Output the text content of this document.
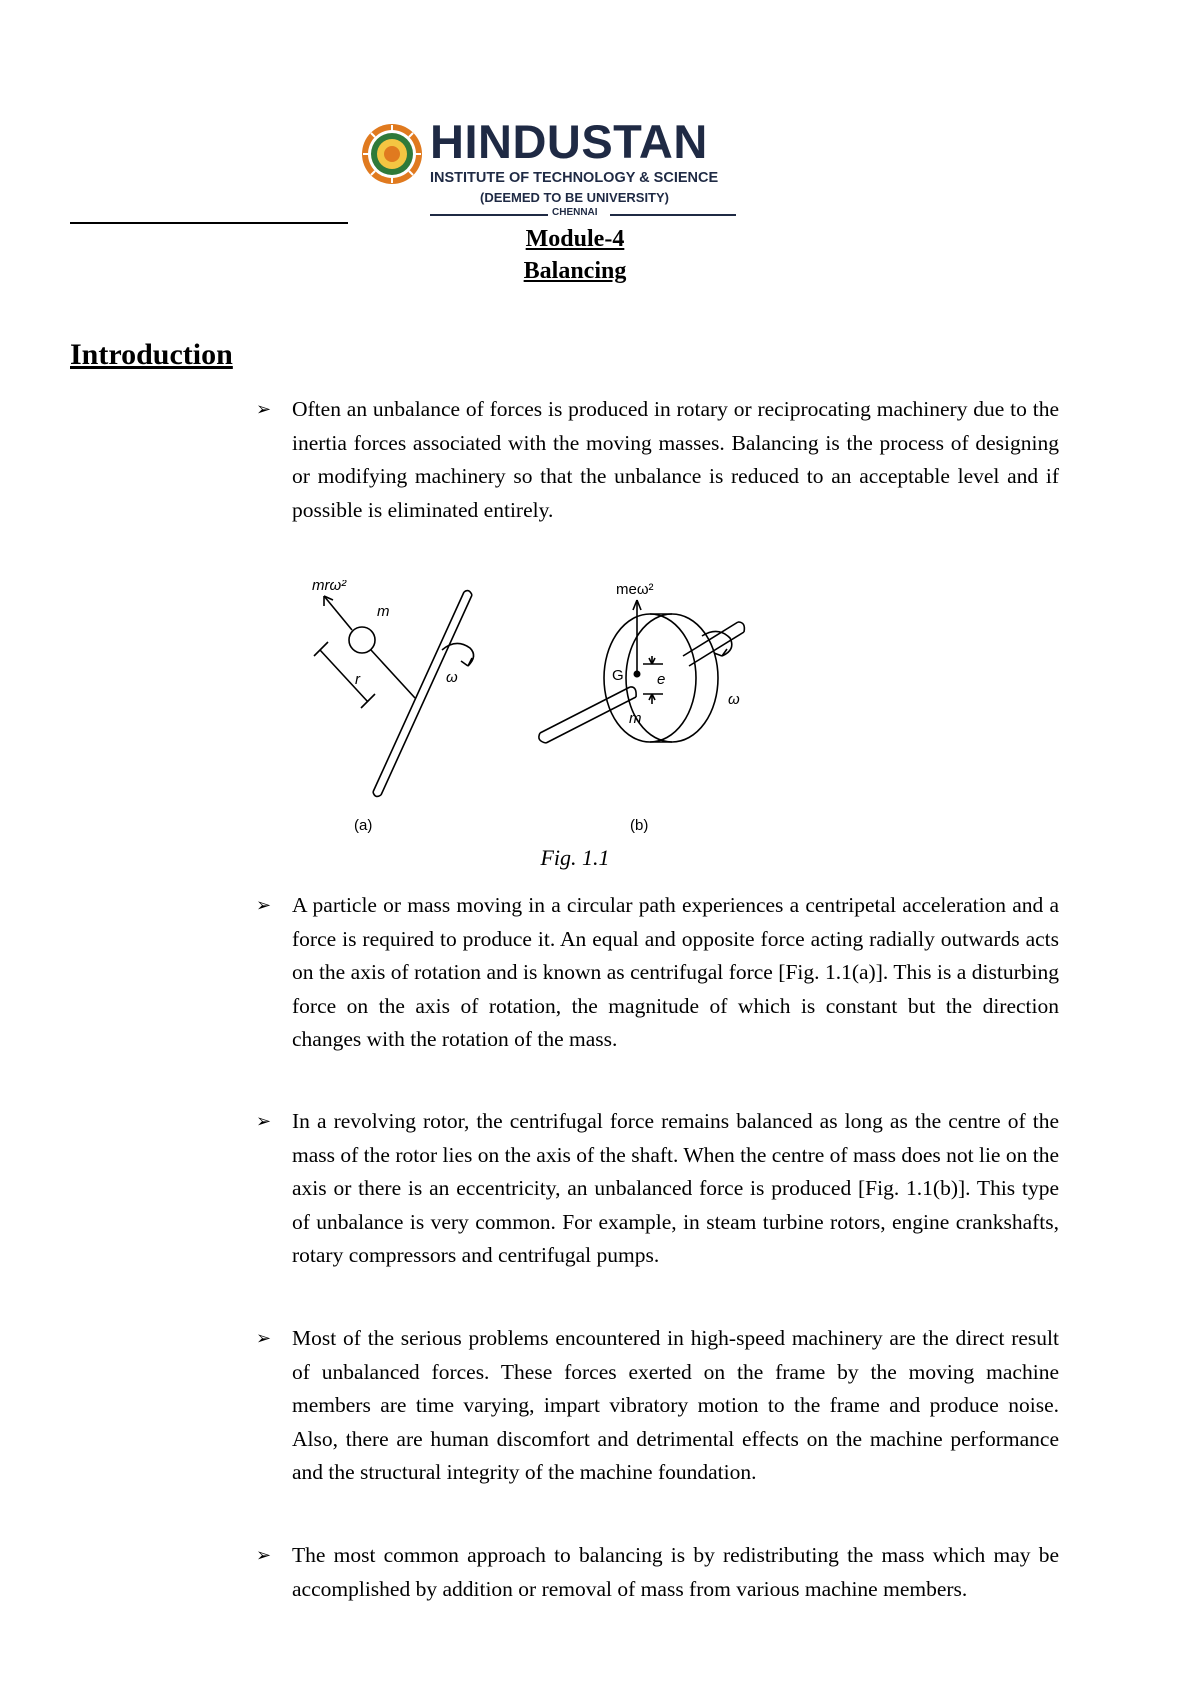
HINDUSTAN
INSTITUTE OF TECHNOLOGY & SCIENCE
(DEEMED TO BE UNIVERSITY)
CHENNAI
Module-4
Balancing
Introduction
➢ Often an unbalance of forces is produced in rotary or reciprocating machinery due to the inertia forces associated with the moving masses. Balancing is the process of designing or modifying machinery so that the unbalance is reduced to an acceptable level and if possible is eliminated entirely.
mrω²
m
r	ω
(a)
meω²
G e
m
ω
(b)
Fig. 1.1
➢ A particle or mass moving in a circular path experiences a centripetal acceleration and a force is required to produce it. An equal and opposite force acting radially outwards acts on the axis of rotation and is known as centrifugal force [Fig. 1.1(a)]. This is a disturbing force on the axis of rotation, the magnitude of which is constant but the direction changes with the rotation of the mass.
➢ In a revolving rotor, the centrifugal force remains balanced as long as the centre of the mass of the rotor lies on the axis of the shaft. When the centre of mass does not lie on the axis or there is an eccentricity, an unbalanced force is produced [Fig. 1.1(b)]. This type of unbalance is very common. For example, in steam turbine rotors, engine crankshafts, rotary compressors and centrifugal pumps.
➢ Most of the serious problems encountered in high-speed machinery are the direct result of unbalanced forces. These forces exerted on the frame by the moving machine members are time varying, impart vibratory motion to the frame and produce noise. Also, there are human discomfort and detrimental effects on the machine performance and the structural integrity of the machine foundation.
➢ The most common approach to balancing is by redistributing the mass which may be accomplished by addition or removal of mass from various machine members.
